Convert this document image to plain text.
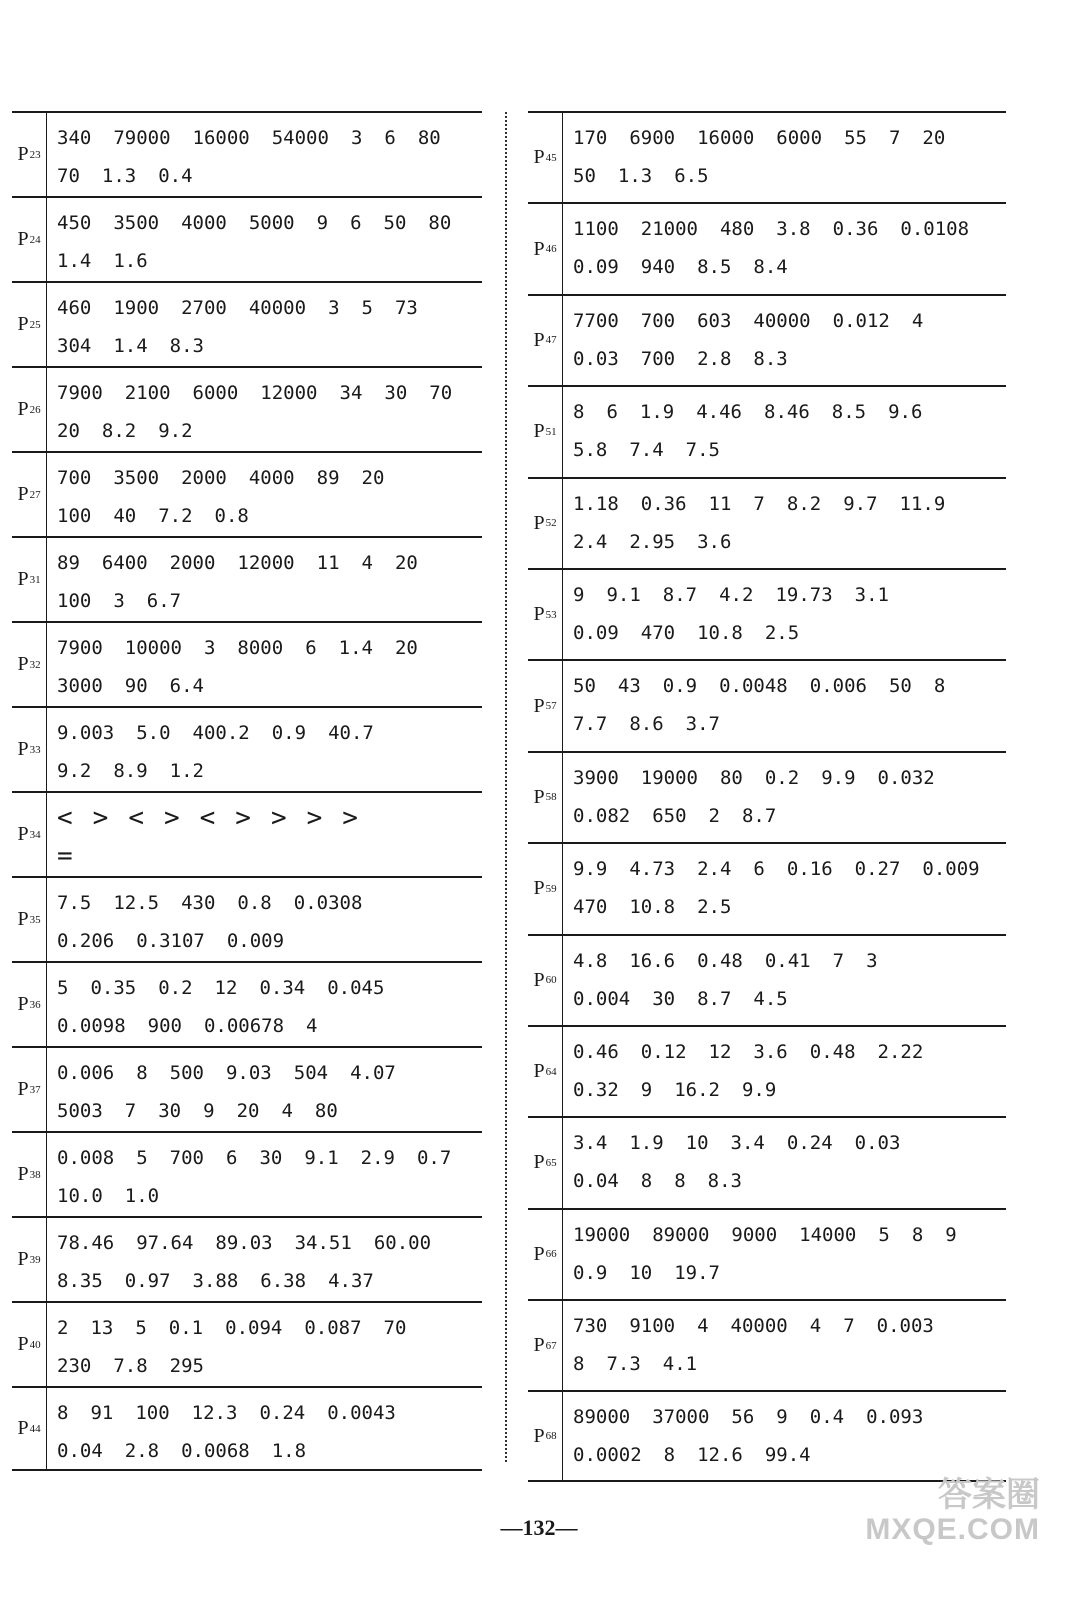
P 23
340 79000 16000 54000 3 6 80
70 1.3 0.4
P 24
450 3500 4000 5000 9 6 50 80
1.4 1.6
P 25
460 1900 2700 40000 3 5 73
304 1.4 8.3
P 26
7900 2100 6000 12000 34 30 70
20 8.2 9.2
P 27
700 3500 2000 4000 89 20
100 40 7.2 0.8
P 31
89 6400 2000 12000 11 4 20
100 3 6.7
P 32
7900 10000 3 8000 6 1.4 20
3000 90 6.4
P 33
9.003 5.0 400.2 0.9 40.7
9.2 8.9 1.2
P 34
< > < > < > > > >
=
P 35
7.5 12.5 430 0.8 0.0308
0.206 0.3107 0.009
P 36
5 0.35 0.2 12 0.34 0.045
0.0098 900 0.00678 4
P 37
0.006 8 500 9.03 504 4.07
5003 7 30 9 20 4 80
P 38
0.008 5 700 6 30 9.1 2.9 0.7
10.0 1.0
P 39
78.46 97.64 89.03 34.51 60.00
8.35 0.97 3.88 6.38 4.37
P 40
2 13 5 0.1 0.094 0.087 70
230 7.8 295
P 44
8 91 100 12.3 0.24 0.0043
0.04 2.8 0.0068 1.8
P 45
170 6900 16000 6000 55 7 20
50 1.3 6.5
P 46
1100 21000 480 3.8 0.36 0.0108
0.09 940 8.5 8.4
P 47
7700 700 603 40000 0.012 4
0.03 700 2.8 8.3
P 51
8 6 1.9 4.46 8.46 8.5 9.6
5.8 7.4 7.5
P 52
1.18 0.36 11 7 8.2 9.7 11.9
2.4 2.95 3.6
P 53
9 9.1 8.7 4.2 19.73 3.1
0.09 470 10.8 2.5
P 57
50 43 0.9 0.0048 0.006 50 8
7.7 8.6 3.7
P 58
3900 19000 80 0.2 9.9 0.032
0.082 650 2 8.7
P 59
9.9 4.73 2.4 6 0.16 0.27 0.009
470 10.8 2.5
P 60
4.8 16.6 0.48 0.41 7 3
0.004 30 8.7 4.5
P 64
0.46 0.12 12 3.6 0.48 2.22
0.32 9 16.2 9.9
P 65
3.4 1.9 10 3.4 0.24 0.03
0.04 8 8 8.3
P 66
19000 89000 9000 14000 5 8 9
0.9 10 19.7
P 67
730 9100 4 40000 4 7 0.003
8 7.3 4.1
P 68
89000 37000 56 9 0.4 0.093
0.0002 8 12.6 99.4
—132—
答案圈
MXQE.COM
